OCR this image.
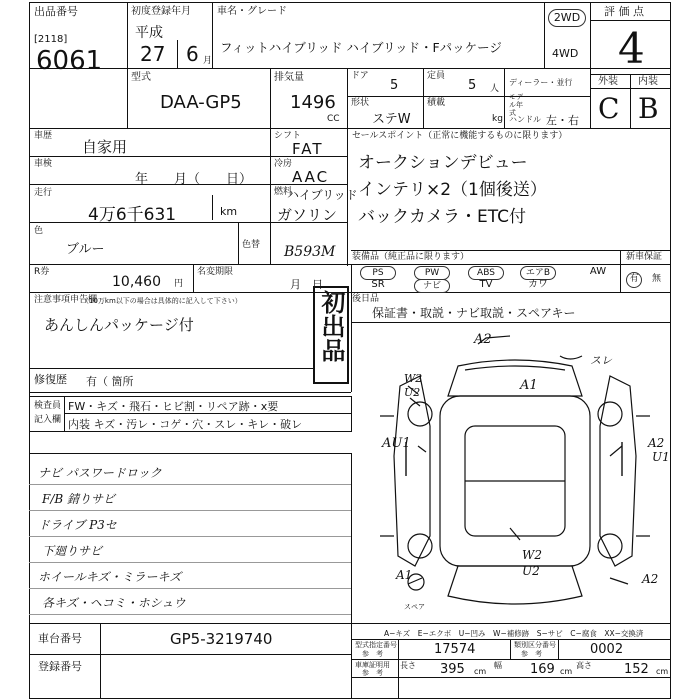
出品番号
[2118]
6061
初度登録年月
平成
27 6 月
車名・グレード
フィットハイブリッド ハイブリッド・Fパッケージ
2WD
4WD
評 価 点
4
外装 内装
C B
型式
DAA-GP5
排気量
1496
CC
ドア
5
定員
5 人
ディーラー・並行
モデル年式
形状
ステW
積載
kg ハンドル 左・右
車歴
自家用
シフト
FAT
車検
年　　月（　　日）
冷房
AAC
走行
4万6千631	km
燃料
ハイブリッド
ガソリン
色
ブルー	色替 B593M
R券
10,460 円
名変期限
月　日
注意事項申告欄
（10万km以下の場合は具体的に記入して下さい）
あんしんパッケージ付	初出品
修復歴 有（ 箇所
検査員
記入欄
FW・キズ・飛石・ヒビ割・リペア跡・x要
内装 キズ・汚レ・コゲ・穴・スレ・キレ・破レ
ナビ パスワードロック
F/B 錆りサビ
ドライブ P3セ
下廻りサビ
ホイールキズ・ミラーキズ
各キズ・ヘコミ・ホシュウ
セールスポイント（正常に機能するものに限ります）
オークションデビュー
インテリ×2（1個後送）
バックカメラ・ETC付
装備品（純正品に限ります）	新車保証
有	無
PS	PW	ABS	エアB	AW
SR	ナビ	TV	カワ
後日品
保証書・取説・ナビ取説・スペアキー
A2
スレ
W2
U2	A1
AU1	A2
U1
W2
U2
A1	A2
スペア
A−キズ　E−エクボ　U−凹み　W−補修跡　S−サビ　C−腐食　XX−交換済
車台番号	GP5-3219740
登録番号
型式指定番号
参　考	17574	類別区分番号
参　考	0002
車庫証明用
参　考
長さ 395 cm
幅 169 cm
高さ 152 cm
